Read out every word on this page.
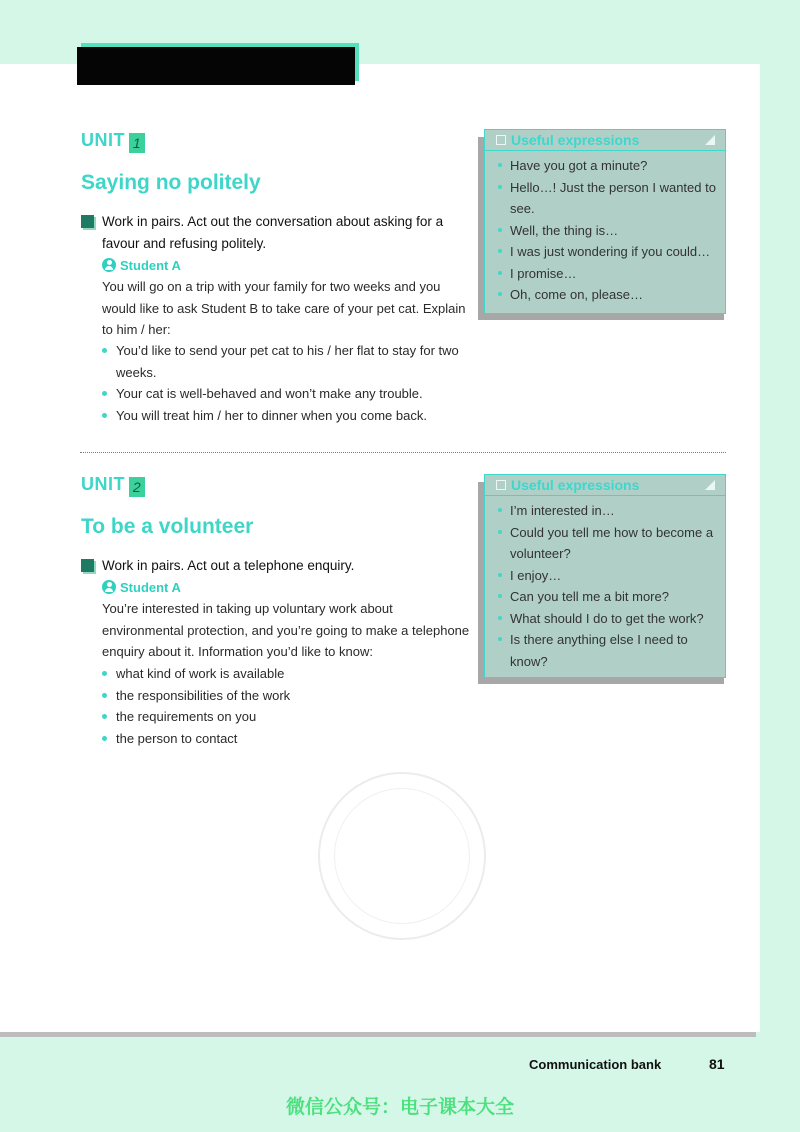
UNIT 1
Saying no politely
Work in pairs. Act out the conversation about asking for a favour and refusing politely.
Student A
You will go on a trip with your family for two weeks and you would like to ask Student B to take care of your pet cat. Explain to him / her:
You’d like to send your pet cat to his / her flat to stay for two weeks.
Your cat is well-behaved and won’t make any trouble.
You will treat him / her to dinner when you come back.
Useful expressions
Have you got a minute?
Hello…! Just the person I wanted to see.
Well, the thing is…
I was just wondering if you could…
I promise…
Oh, come on, please…
UNIT 2
To be a volunteer
Work in pairs. Act out a telephone enquiry.
Student A
You’re interested in taking up voluntary work about environmental protection, and you’re going to make a telephone enquiry about it. Information you’d like to know:
what kind of work is available
the responsibilities of the work
the requirements on you
the person to contact
Useful expressions
I’m interested in…
Could you tell me how to become a volunteer?
I enjoy…
Can you tell me a bit more?
What should I do to get the work?
Is there anything else I need to know?
Communication bank	81
微信公众号：电子课本大全
